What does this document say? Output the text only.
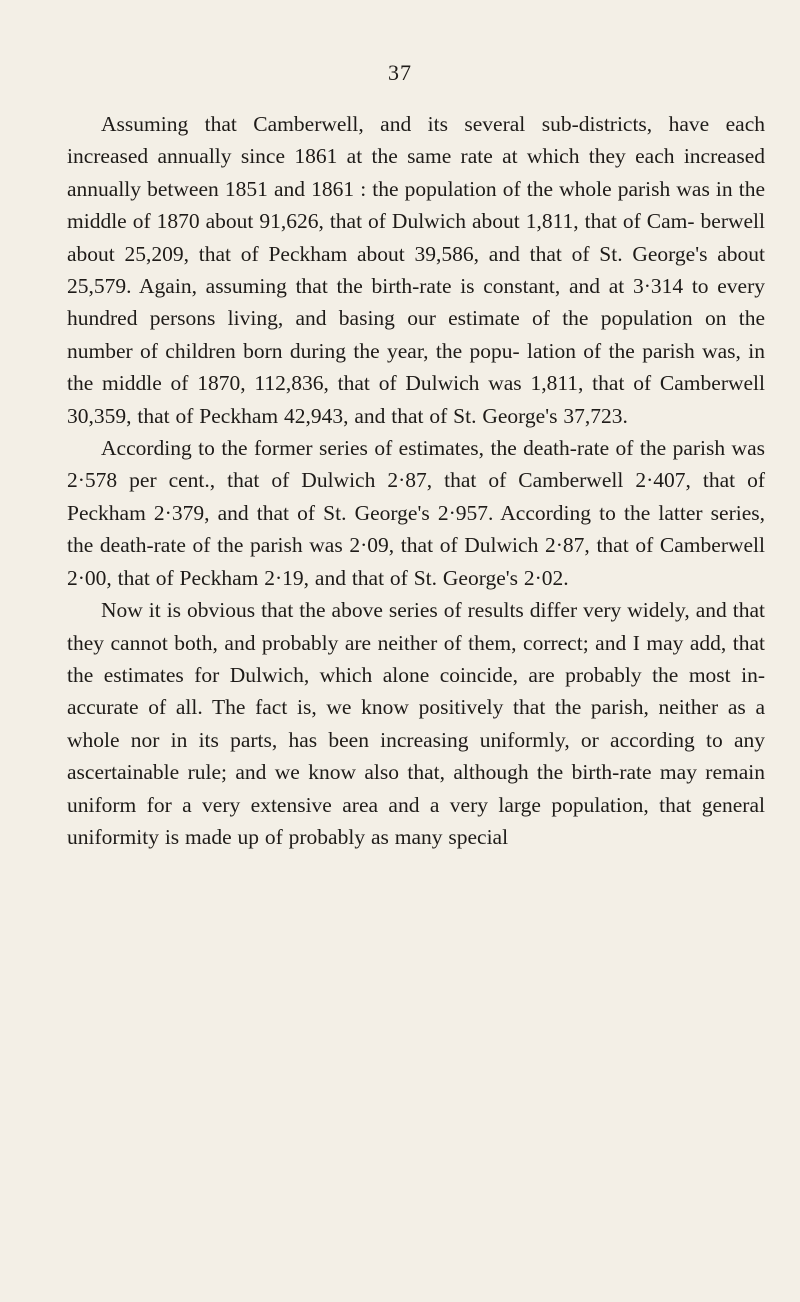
37

Assuming that Camberwell, and its several sub-districts, have each increased annually since 1861 at the same rate at which they each increased annually between 1851 and 1861 : the population of the whole parish was in the middle of 1870 about 91,626, that of Dulwich about 1,811, that of Cam- berwell about 25,209, that of Peckham about 39,586, and that of St. George's about 25,579. Again, assuming that the birth-rate is constant, and at 3·314 to every hundred persons living, and basing our estimate of the population on the number of children born during the year, the popu- lation of the parish was, in the middle of 1870, 112,836, that of Dulwich was 1,811, that of Camberwell 30,359, that of Peckham 42,943, and that of St. George's 37,723.

According to the former series of estimates, the death-rate of the parish was 2·578 per cent., that of Dulwich 2·87, that of Camberwell 2·407, that of Peckham 2·379, and that of St. George's 2·957. According to the latter series, the death-rate of the parish was 2·09, that of Dulwich 2·87, that of Camberwell 2·00, that of Peckham 2·19, and that of St. George's 2·02.

Now it is obvious that the above series of results differ very widely, and that they cannot both, and probably are neither of them, correct; and I may add, that the estimates for Dulwich, which alone coincide, are probably the most in- accurate of all. The fact is, we know positively that the parish, neither as a whole nor in its parts, has been increasing uniformly, or according to any ascertainable rule; and we know also that, although the birth-rate may remain uniform for a very extensive area and a very large population, that general uniformity is made up of probably as many special
